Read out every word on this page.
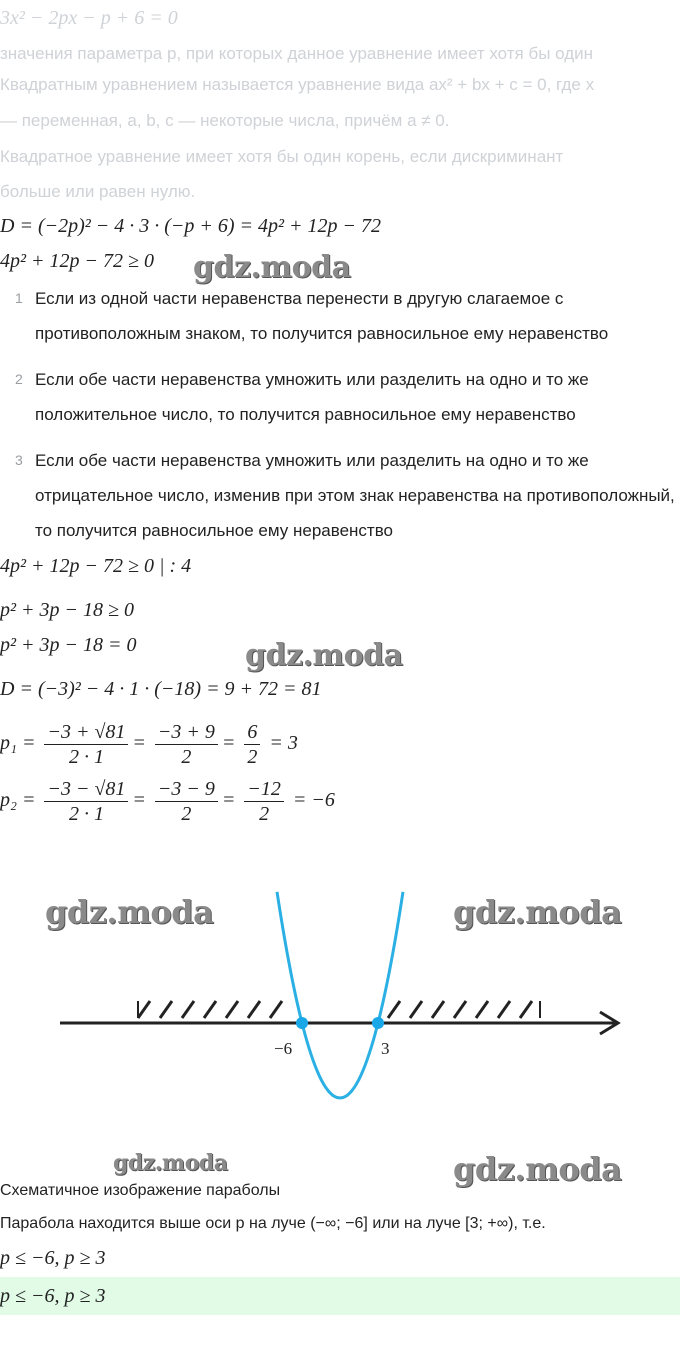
3x² − 2px − p + 6 = 0
значения параметра p, при которых данное уравнение имеет хотя бы один
Квадратным уравнением называется уравнение вида ax² + bx + c = 0, где x
— переменная, a, b, c — некоторые числа, причём a ≠ 0.
Квадратное уравнение имеет хотя бы один корень, если дискриминант
больше или равен нулю.
D = (−2p)² − 4 · 3 · (−p + 6) = 4p² + 12p − 72
4p² + 12p − 72 ≥ 0
1 Если из одной части неравенства перенести в другую слагаемое с противоположным знаком, то получится равносильное ему неравенство
2 Если обе части неравенства умножить или разделить на одно и то же положительное число, то получится равносильное ему неравенство
3 Если обе части неравенства умножить или разделить на одно и то же отрицательное число, изменив при этом знак неравенства на противоположный, то получится равносильное ему неравенство
4p² + 12p − 72 ≥ 0 | : 4
p² + 3p − 18 ≥ 0
p² + 3p − 18 = 0
D = (−3)² − 4 · 1 · (−18) = 9 + 72 = 81
$p_1 = \frac{-3 + √81}{2 \cdot 1} = \frac{-3 + 9}{2} = \frac{6}{2} = 3$
$p_2 = \frac{-3 - √81}{2 \cdot 1} = \frac{-3 - 9}{2} = \frac{-12}{2} = -6$
−6	3
gdz.moda
gdz.moda
gdz.moda	gdz.moda
gdz.moda	gdz.moda
Схематичное изображение параболы
Парабола находится выше оси p на луче (−∞; −6] или на луче [3; +∞), т.е.
p ≤ −6, p ≥ 3
p ≤ −6, p ≥ 3
